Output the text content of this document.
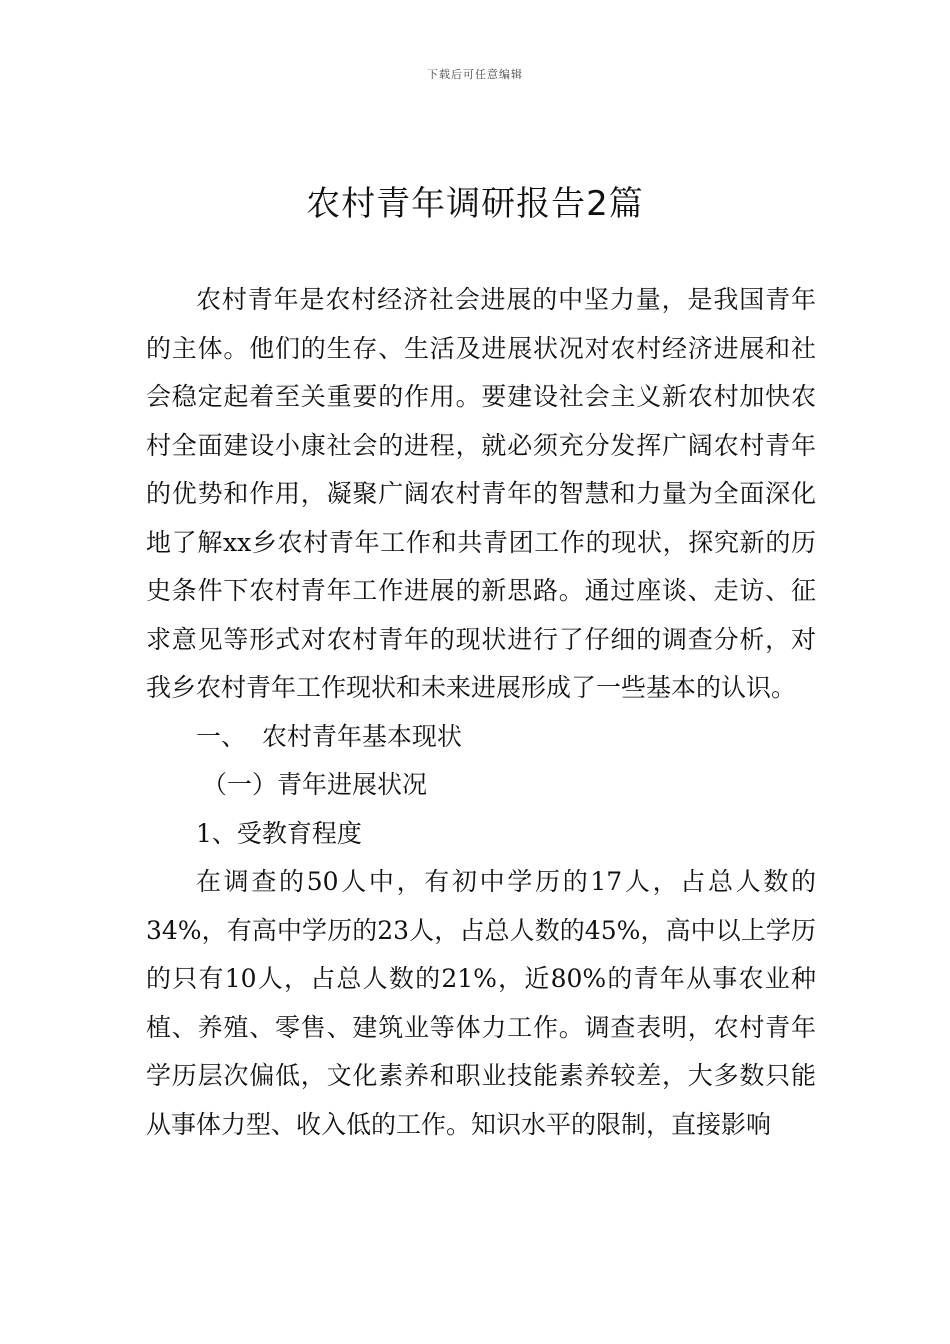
下载后可任意编辑
农村青年调研报告2篇

农村青年是农村经济社会进展的中坚力量，是我国青年的主体。他们的生存、生活及进展状况对农村经济进展和社会稳定起着至关重要的作用。要建设社会主义新农村加快农村全面建设小康社会的进程，就必须充分发挥广阔农村青年的优势和作用，凝聚广阔农村青年的智慧和力量为全面深化地了解xx乡农村青年工作和共青团工作的现状，探究新的历史条件下农村青年工作进展的新思路。通过座谈、走访、征求意见等形式对农村青年的现状进行了仔细的调查分析，对我乡农村青年工作现状和未来进展形成了一些基本的认识。

一、  农村青年基本现状

（一）青年进展状况

1、受教育程度

在调查的50人中，有初中学历的17人，占总人数的34%，有高中学历的23人，占总人数的45%，高中以上学历的只有10人，占总人数的21%，近80%的青年从事农业种植、养殖、零售、建筑业等体力工作。调查表明，农村青年学历层次偏低，文化素养和职业技能素养较差，大多数只能从事体力型、收入低的工作。知识水平的限制，直接影响
